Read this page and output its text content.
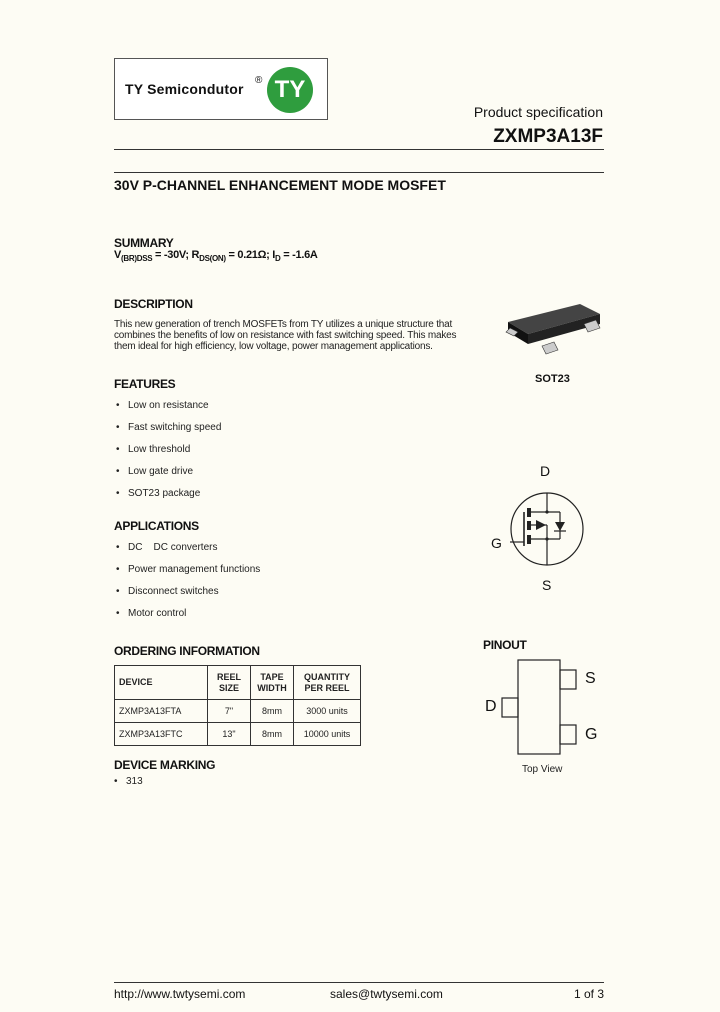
TY Semicondutor
® TY
Product specification
ZXMP3A13F
30V P-CHANNEL ENHANCEMENT MODE MOSFET
SUMMARY
$V_{(BR)DSS} = -30V$; $R_{DS(ON)} = 0.21\Omega$; $I_D = -1.6A$
DESCRIPTION
This new generation of trench MOSFETs from TY utilizes a unique structure that combines the benefits of low on resistance with fast switching speed. This makes them ideal for high efficiency, low voltage, power management applications.
SOT23
FEATURES
• Low on resistance
• Fast switching speed
• Low threshold
• Low gate drive
• SOT23 package
D
G
S
APPLICATIONS
• DC    DC converters
• Power management functions
• Disconnect switches
• Motor control
ORDERING INFORMATION
DEVICE	REEL SIZE	TAPE WIDTH	QUANTITY PER REEL
ZXMP3A13FTA	7"	8mm	3000 units
ZXMP3A13FTC	13"	8mm	10000 units
DEVICE MARKING
• 313
PINOUT
S
G
D
Top View
http://www.twtysemi.com	sales@twtysemi.com	1 of 3
